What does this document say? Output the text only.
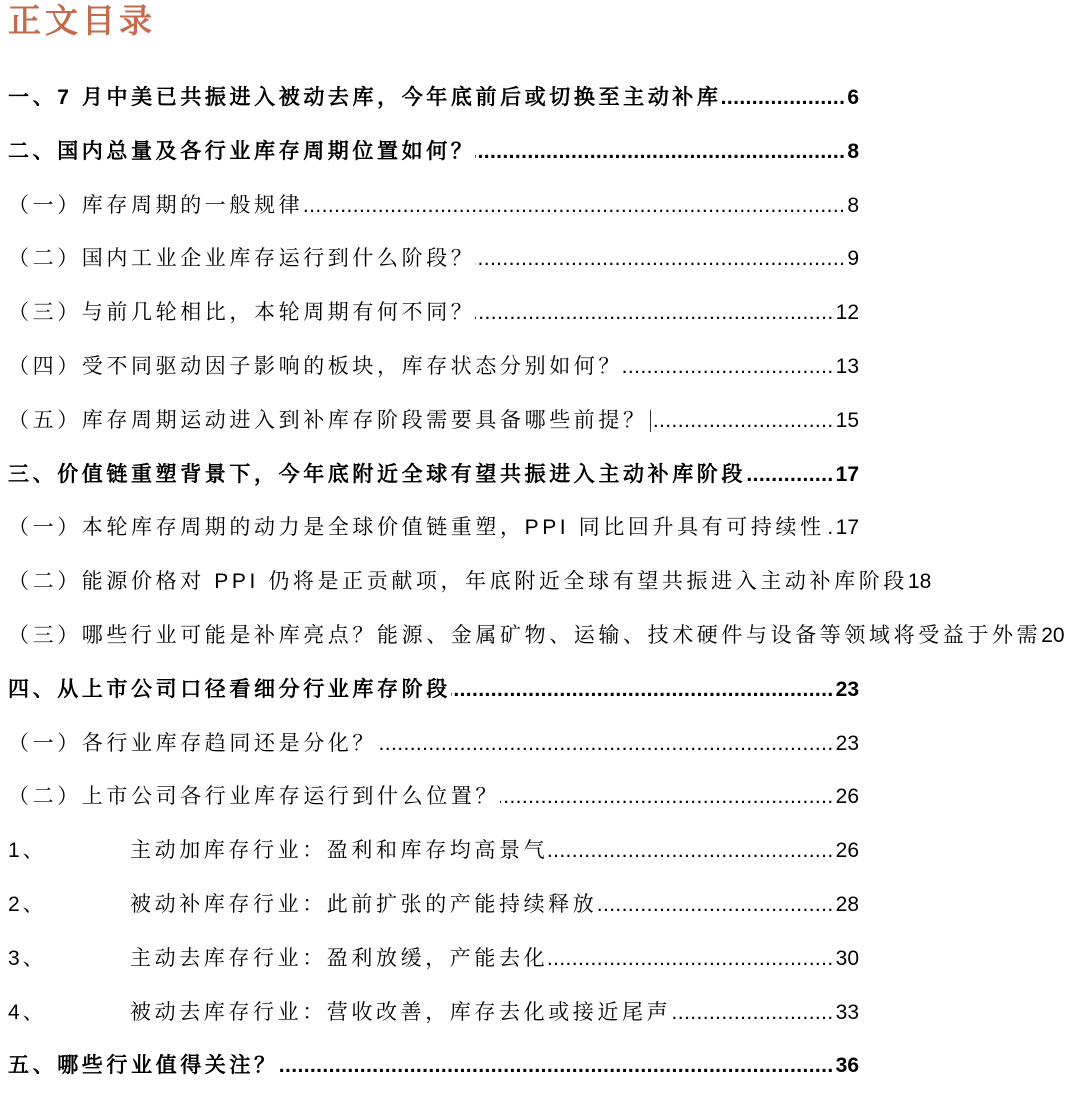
正文目录
一、7 月中美已共振进入被动去库，今年底前后或切换至主动补库 .....	6
二、国内总量及各行业库存周期位置如何？ .....	8
（一）库存周期的一般规律 .....	8
（二）国内工业企业库存运行到什么阶段？ .....	9
（三）与前几轮相比，本轮周期有何不同？ .....	12
（四）受不同驱动因子影响的板块，库存状态分别如何？ .....	13
（五）库存周期运动进入到补库存阶段需要具备哪些前提？ .....	15
三、价值链重塑背景下，今年底附近全球有望共振进入主动补库阶段 .....	17
（一）本轮库存周期的动力是全球价值链重塑，PPI 同比回升具有可持续性 ..... 17
（二）能源价格对 PPI 仍将是正贡献项，年底附近全球有望共振进入主动补库阶段 18
（三）哪些行业可能是补库亮点？能源、金属矿物、运输、技术硬件与设备等领域将受益于外需 20
四、从上市公司口径看细分行业库存阶段 .....	23
（一）各行业库存趋同还是分化？ .....	23
（二）上市公司各行业库存运行到什么位置？ .....	26
1、	主动加库存行业：盈利和库存均高景气 .....	26
2、	被动补库存行业：此前扩张的产能持续释放 .....	28
3、	主动去库存行业：盈利放缓，产能去化 .....	30
4、	被动去库存行业：营收改善，库存去化或接近尾声 .....	33
五、哪些行业值得关注？ .....	36
